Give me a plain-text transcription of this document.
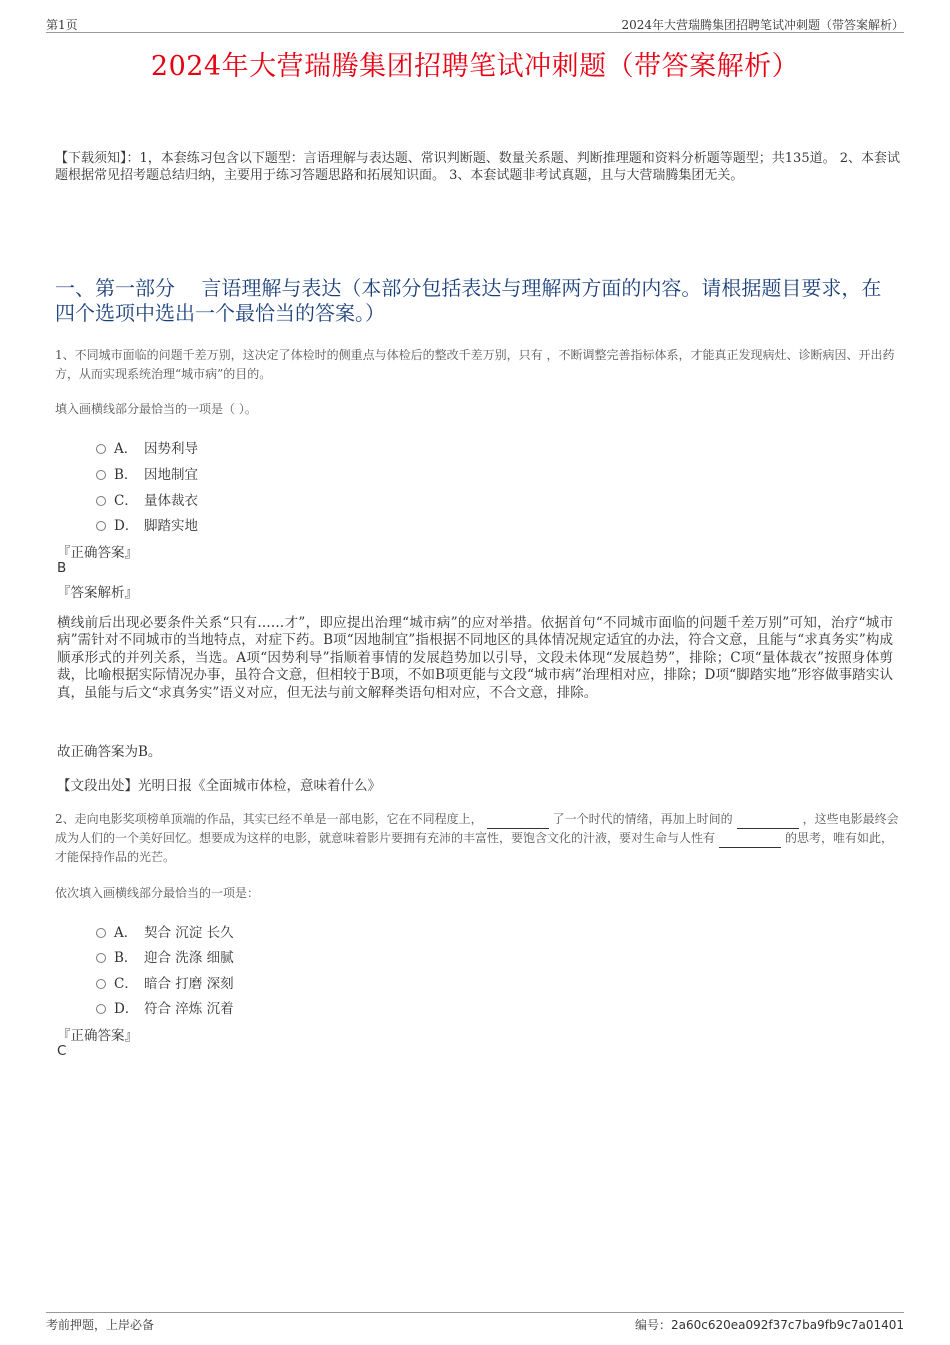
第1页	2024年大营瑞腾集团招聘笔试冲刺题（带答案解析）
2024年大营瑞腾集团招聘笔试冲刺题（带答案解析）
【下载须知】：1，本套练习包含以下题型：言语理解与表达题、常识判断题、数量关系题、判断推理题和资料分析题等题型；共135道。 2、本套试题根据常见招考题总结归纳，主要用于练习答题思路和拓展知识面。 3、本套试题非考试真题，且与大营瑞腾集团无关。
一、第一部分　 言语理解与表达（本部分包括表达与理解两方面的内容。请根据题目要求，在四个选项中选出一个最恰当的答案。）
1、不同城市面临的问题千差万别，这决定了体检时的侧重点与体检后的整改千差万别，只有 ，不断调整完善指标体系，才能真正发现病灶、诊断病因、开出药方，从而实现系统治理“城市病”的目的。
填入画横线部分最恰当的一项是（ ）。
A． 因势利导
B． 因地制宜
C． 量体裁衣
D． 脚踏实地
『正确答案』
B
『答案解析』
横线前后出现必要条件关系“只有……才”，即应提出治理“城市病”的应对举措。依据首句“不同城市面临的问题千差万别”可知，治疗“城市病”需针对不同城市的当地特点，对症下药。B项“因地制宜”指根据不同地区的具体情况规定适宜的办法，符合文意，且能与“求真务实”构成顺承形式的并列关系，当选。A项“因势利导”指顺着事情的发展趋势加以引导，文段未体现“发展趋势”，排除；C项“量体裁衣”按照身体剪裁，比喻根据实际情况办事，虽符合文意，但相较于B项，不如B项更能与文段“城市病”治理相对应，排除；D项“脚踏实地”形容做事踏实认真，虽能与后文“求真务实”语义对应，但无法与前文解释类语句相对应，不合文意，排除。
故正确答案为B。
【文段出处】光明日报《全面城市体检，意味着什么》
2、走向电影奖项榜单顶端的作品，其实已经不单是一部电影，它在不同程度上，	了一个时代的情绪，再加上时间的	，这些电影最终会成为人们的一个美好回忆。想要成为这样的电影，就意味着影片要拥有充沛的丰富性，要饱含文化的汁液，要对生命与人性有	的思考，唯有如此，才能保持作品的光芒。
依次填入画横线部分最恰当的一项是：
A． 契合 沉淀 长久
B． 迎合 洗涤 细腻
C． 暗合 打磨 深刻
D． 符合 淬炼 沉着
『正确答案』
C
考前押题，上岸必备	编号：2a60c620ea092f37c7ba9fb9c7a01401
